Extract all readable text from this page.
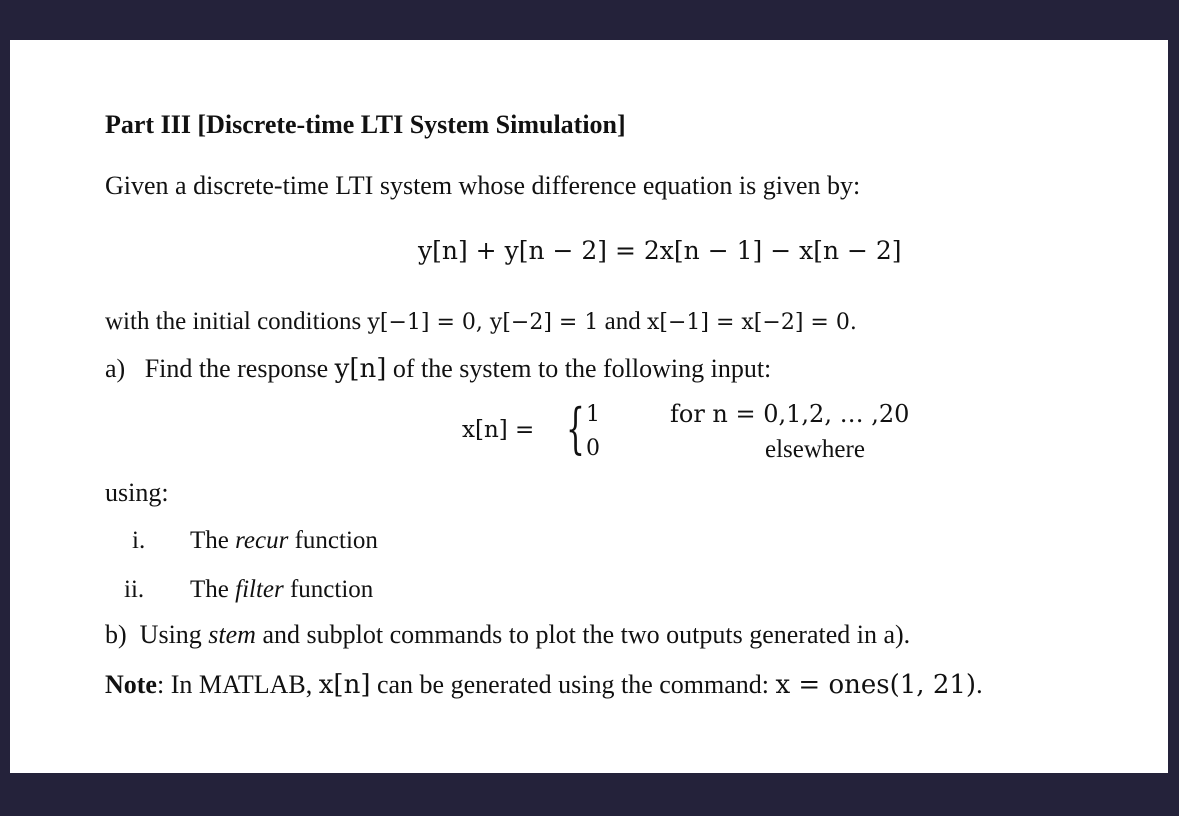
Part III [Discrete-time LTI System Simulation]
Given a discrete-time LTI system whose difference equation is given by:
y[n] + y[n − 2] = 2x[n − 1] − x[n − 2]
with the initial conditions y[−1] = 0, y[−2] = 1 and x[−1] = x[−2] = 0.
a) Find the response y[n] of the system to the following input:
x[n] = { 1
0
for n = 0,1,2, … ,20
elsewhere
using:
i. The recur function
ii. The filter function
b) Using stem and subplot commands to plot the two outputs generated in a).
Note: In MATLAB, x[n] can be generated using the command: x = ones(1, 21).
